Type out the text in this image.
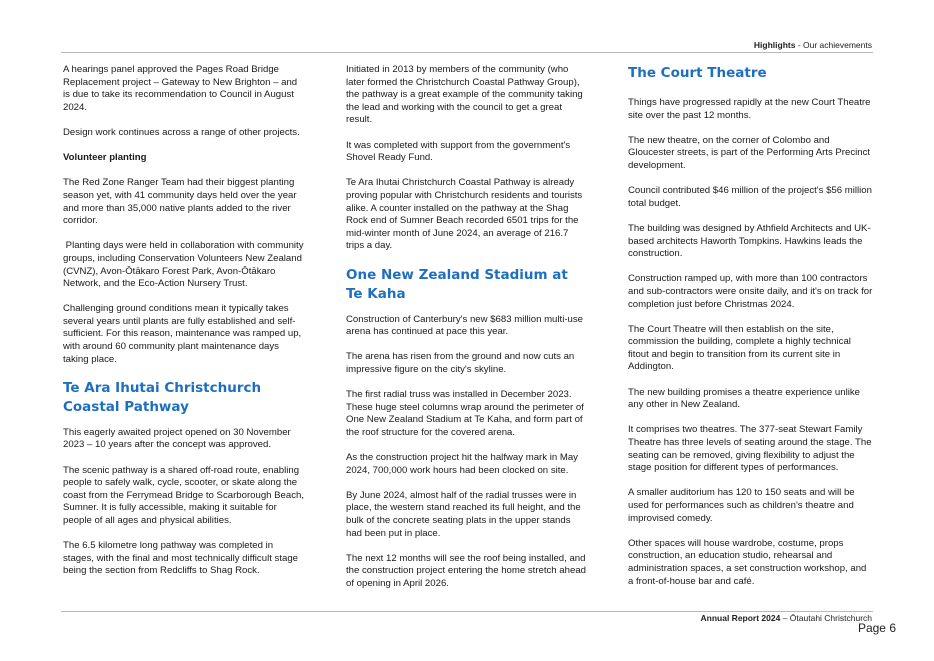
Highlights - Our achievements

A hearings panel approved the Pages Road Bridge Replacement project – Gateway to New Brighton – and is due to take its recommendation to Council in August 2024.

Design work continues across a range of other projects.

Volunteer planting

The Red Zone Ranger Team had their biggest planting season yet, with 41 community days held over the year and more than 35,000 native plants added to the river corridor.

Planting days were held in collaboration with community groups, including Conservation Volunteers New Zealand (CVNZ), Avon-Ōtākaro Forest Park, Avon-Ōtākaro Network, and the Eco-Action Nursery Trust.

Challenging ground conditions mean it typically takes several years until plants are fully established and self-sufficient. For this reason, maintenance was ramped up, with around 60 community plant maintenance days taking place.

Te Ara Ihutai Christchurch Coastal Pathway

This eagerly awaited project opened on 30 November 2023 – 10 years after the concept was approved.

The scenic pathway is a shared off-road route, enabling people to safely walk, cycle, scooter, or skate along the coast from the Ferrymead Bridge to Scarborough Beach, Sumner. It is fully accessible, making it suitable for people of all ages and physical abilities.

The 6.5 kilometre long pathway was completed in stages, with the final and most technically difficult stage being the section from Redcliffs to Shag Rock.

Initiated in 2013 by members of the community (who later formed the Christchurch Coastal Pathway Group), the pathway is a great example of the community taking the lead and working with the council to get a great result.

It was completed with support from the government's Shovel Ready Fund.

Te Ara Ihutai Christchurch Coastal Pathway is already proving popular with Christchurch residents and tourists alike. A counter installed on the pathway at the Shag Rock end of Sumner Beach recorded 6501 trips for the mid-winter month of June 2024, an average of 216.7 trips a day.

One New Zealand Stadium at Te Kaha

Construction of Canterbury's new $683 million multi-use arena has continued at pace this year.

The arena has risen from the ground and now cuts an impressive figure on the city's skyline.

The first radial truss was installed in December 2023. These huge steel columns wrap around the perimeter of One New Zealand Stadium at Te Kaha, and form part of the roof structure for the covered arena.

As the construction project hit the halfway mark in May 2024, 700,000 work hours had been clocked on site.

By June 2024, almost half of the radial trusses were in place, the western stand reached its full height, and the bulk of the concrete seating plats in the upper stands had been put in place.

The next 12 months will see the roof being installed, and the construction project entering the home stretch ahead of opening in April 2026.

The Court Theatre

Things have progressed rapidly at the new Court Theatre site over the past 12 months.

The new theatre, on the corner of Colombo and Gloucester streets, is part of the Performing Arts Precinct development.

Council contributed $46 million of the project's $56 million total budget.

The building was designed by Athfield Architects and UK-based architects Haworth Tompkins. Hawkins leads the construction.

Construction ramped up, with more than 100 contractors and sub-contractors were onsite daily, and it's on track for completion just before Christmas 2024.

The Court Theatre will then establish on the site, commission the building, complete a highly technical fitout and begin to transition from its current site in Addington.

The new building promises a theatre experience unlike any other in New Zealand.

It comprises two theatres. The 377-seat Stewart Family Theatre has three levels of seating around the stage. The seating can be removed, giving flexibility to adjust the stage position for different types of performances.

A smaller auditorium has 120 to 150 seats and will be used for performances such as children's theatre and improvised comedy.

Other spaces will house wardrobe, costume, props construction, an education studio, rehearsal and administration spaces, a set construction workshop, and a front-of-house bar and café.

Annual Report 2024 – Ōtautahi Christchurch
Page 6
